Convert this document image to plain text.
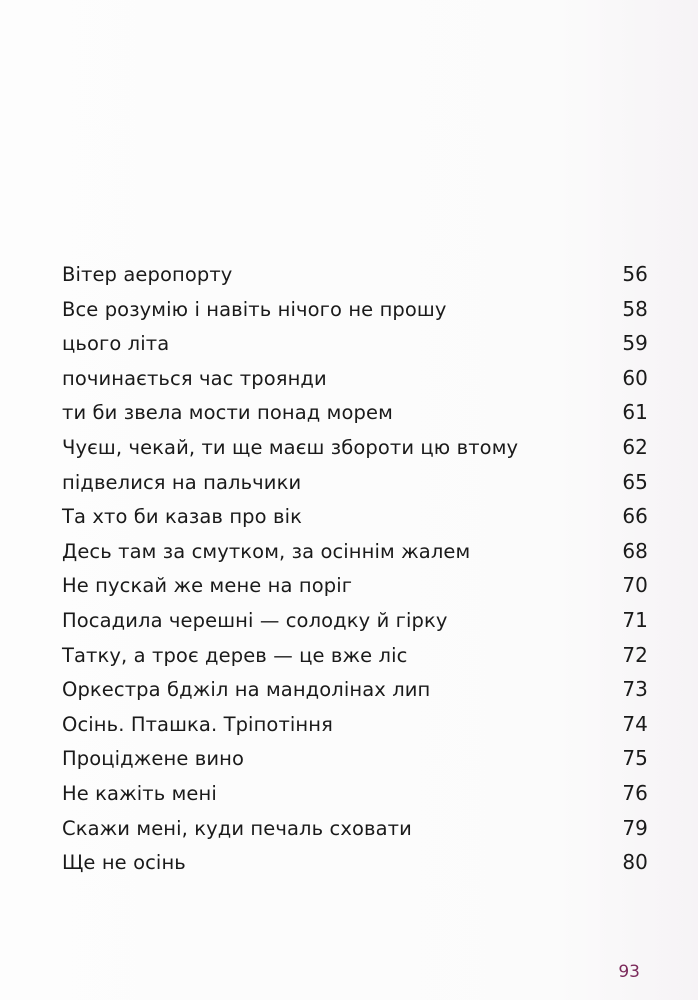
Вітер аеропорту	56
Все розумію і навіть нічого не прошу	58
цього літа	59
починається час троянди	60
ти би звела мости понад морем	61
Чуєш, чекай, ти ще маєш збороти цю втому	62
підвелися на пальчики	65
Та хто би казав про вік	66
Десь там за смутком, за осіннім жалем	68
Не пускай же мене на поріг	70
Посадила черешні — солодку й гірку	71
Татку, а троє дерев — це вже ліс	72
Оркестра бджіл на мандолінах лип	73
Осінь. Пташка. Тріпотіння	74
Проціджене вино	75
Не кажіть мені	76
Скажи мені, куди печаль сховати	79
Ще не осінь	80
93
